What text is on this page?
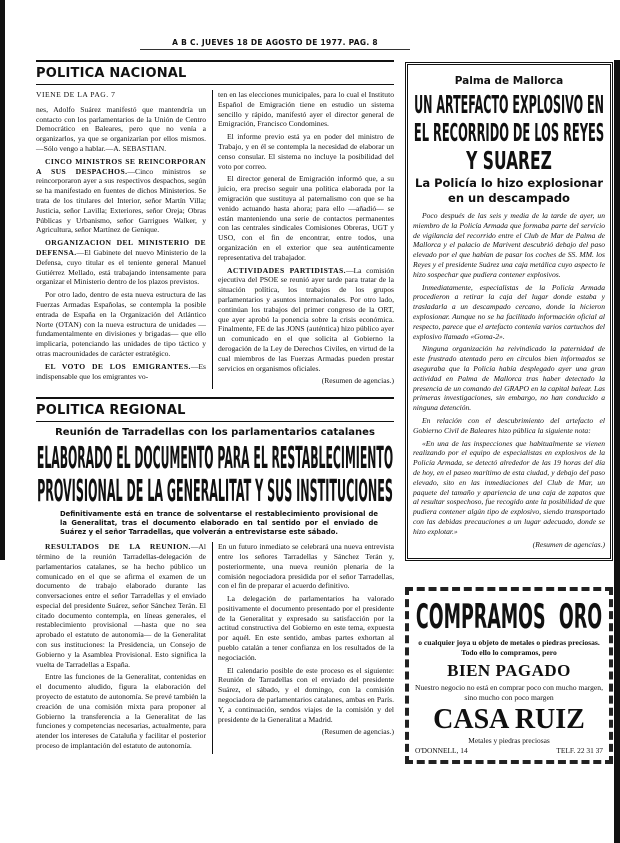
A B C. JUEVES 18 DE AGOSTO DE 1977. PAG. 8
POLITICA NACIONAL

VIENE DE LA PAG. 7

nes, Adolfo Suárez manifestó que mantendría un contacto con los parlamentarios de la Unión de Centro Democrático en Baleares, pero que no venía a organizarlos, ya que se organizarían por ellos mismos. —Sólo vengo a hablar.—A. SEBASTIAN.

CINCO MINISTROS SE REINCORPORAN A SUS DESPACHOS.—Cinco ministros se reincorporaron ayer a sus respectivos despachos, según se ha manifestado en fuentes de dichos Ministerios. Se trata de los titulares del Interior, señor Martín Villa; Justicia, señor Lavilla; Exteriores, señor Oreja; Obras Públicas y Urbanismo, señor Garrigues Walker, y Agricultura, señor Martínez de Genique.

ORGANIZACION DEL MINISTERIO DE DEFENSA.—El Gabinete del nuevo Ministerio de la Defensa, cuyo titular es el teniente general Manuel Gutiérrez Mellado, está trabajando intensamente para organizar el Ministerio dentro de los plazos previstos.

Por otro lado, dentro de esta nueva estructura de las Fuerzas Armadas Españolas, se contempla la posible entrada de España en la Organización del Atlántico Norte (OTAN) con la nueva estructura de unidades —fundamentalmente en divisiones y brigadas— que ello implicaría, potenciando las unidades de tipo táctico y otras macrounidades de carácter estratégico.

EL VOTO DE LOS EMIGRANTES.—Es indispensable que los emigrantes vo-

ten en las elecciones municipales, para lo cual el Instituto Español de Emigración tiene en estudio un sistema sencillo y rápido, manifestó ayer el director general de Emigración, Francisco Condomines.

El informe previo está ya en poder del ministro de Trabajo, y en él se contempla la necesidad de elaborar un censo consular. El sistema no incluye la posibilidad del voto por correo.

El director general de Emigración informó que, a su juicio, era preciso seguir una política elaborada por la emigración que sustituya al paternalismo con que se ha venido actuando hasta ahora; para ello —añadió— se están manteniendo una serie de contactos permanentes con las centrales sindicales Comisiones Obreras, UGT y USO, con el fin de encontrar, entre todos, una organización en el exterior que sea auténticamente representativa del trabajador.

ACTIVIDADES PARTIDISTAS.—La comisión ejecutiva del PSOE se reunió ayer tarde para tratar de la situación política, los trabajos de los grupos parlamentarios y asuntos internacionales. Por otro lado, continúan los trabajos del primer congreso de la ORT, que ayer aprobó la ponencia sobre la crisis económica. Finalmente, FE de las JONS (auténtica) hizo público ayer un comunicado en el que solicita al Gobierno la derogación de la Ley de Derechos Civiles, en virtud de la cual miembros de las Fuerzas Armadas pueden prestar servicios en organismos oficiales.

(Resumen de agencias.)

POLITICA REGIONAL
Reunión de Tarradellas con los parlamentarios catalanes
ELABORADO EL DOCUMENTO PARA EL RESTABLECIMIENTO
PROVISIONAL DE LA GENERALITAT Y SUS INSTITUCIONES
Definitivamente está en trance de solventarse el restablecimiento provisional de la Generalitat, tras el documento elaborado en tal sentido por el enviado de Suárez y el señor Tarradellas, que volverán a entrevistarse este sábado.

RESULTADOS DE LA REUNION.—Al término de la reunión Tarradellas-delegación de parlamentarios catalanes, se ha hecho público un comunicado en el que se afirma el examen de un documento de trabajo elaborado durante las conversaciones entre el señor Tarradellas y el enviado especial del presidente Suárez, señor Sánchez Terán. El citado documento contempla, en líneas generales, el restablecimiento provisional —hasta que no sea aprobado el estatuto de autonomía— de la Generalitat con sus instituciones: la Presidencia, un Consejo de Gobierno y la Asamblea Provisional. Esto significa la vuelta de Tarradellas a España.

Entre las funciones de la Generalitat, contenidas en el documento aludido, figura la elaboración del proyecto de estatuto de autonomía. Se prevé también la creación de una comisión mixta para proponer al Gobierno la transferencia a la Generalitat de las funciones y competencias necesarias, actualmente, para atender los intereses de Cataluña y facilitar el posterior proceso de implantación del estatuto de autonomía.

En un futuro inmediato se celebrará una nueva entrevista entre los señores Tarradellas y Sánchez Terán y, posteriormente, una nueva reunión plenaria de la comisión negociadora presidida por el señor Tarradellas, con el fin de preparar el acuerdo definitivo.

La delegación de parlamentarios ha valorado positivamente el documento presentado por el presidente de la Generalitat y expresado su satisfacción por la actitud constructiva del Gobierno en este tema, expuesta por aquél. En este sentido, ambas partes exhortan al pueblo catalán a tener confianza en los resultados de la negociación.

El calendario posible de este proceso es el siguiente: Reunión de Tarradellas con el enviado del presidente Suárez, el sábado, y el domingo, con la comisión negociadora de parlamentarios catalanes, ambas en París. Y, a continuación, sendos viajes de la comisión y del presidente de la Generalitat a Madrid.

(Resumen de agencias.)

Palma de Mallorca
UN ARTEFACTO EXPLOSIVO EN
EL RECORRIDO DE LOS REYES
Y SUAREZ
La Policía lo hizo explosionar
en un descampado

Poco después de las seis y media de la tarde de ayer, un miembro de la Policía Armada que formaba parte del servicio de vigilancia del recorrido entre el Club de Mar de Palma de Mallorca y el palacio de Marivent descubrió debajo del paso elevado por el que habían de pasar los coches de SS. MM. los Reyes y el presidente Suárez una caja metálica cuyo aspecto le hizo sospechar que pudiera contener explosivos.

Inmediatamente, especialistas de la Policía Armada procedieron a retirar la caja del lugar donde estaba y trasladarla a un descampado cercano, donde la hicieron explosionar. Aunque no se ha facilitado información oficial al respecto, parece que el artefacto contenía varios cartuchos del explosivo llamado «Goma-2».

Ninguna organización ha reivindicado la paternidad de este frustrado atentado pero en círculos bien informados se aseguraba que la Policía había desplegado ayer una gran actividad en Palma de Mallorca tras haber detectado la presencia de un comando del GRAPO en la capital balear. Las primeras investigaciones, sin embargo, no han conducido a ninguna detención.

En relación con el descubrimiento del artefacto el Gobierno Civil de Baleares hizo pública la siguiente nota:

«En una de las inspecciones que habitualmente se vienen realizando por el equipo de especialistas en explosivos de la Policía Armada, se detectó alrededor de las 19 horas del día de hoy, en el paseo marítimo de esta ciudad, y debajo del paso elevado, sito en las inmediaciones del Club de Mar, un paquete del tamaño y apariencia de una caja de zapatos que al resultar sospechoso, fue recogido ante la posibilidad de que pudiera contener algún tipo de explosivo, siendo transportado con las debidas precauciones a un lugar adecuado, donde se hizo explotar.»

(Resumen de agencias.)

COMPRAMOS ORO
o cualquier joya u objeto de metales o piedras preciosas. Todo ello lo compramos, pero
BIEN PAGADO
Nuestro negocio no está en comprar poco con mucho margen, sino mucho con poco margen
CASA RUIZ
Metales y piedras preciosas
O'DONNELL, 14	TELF. 22 31 37
